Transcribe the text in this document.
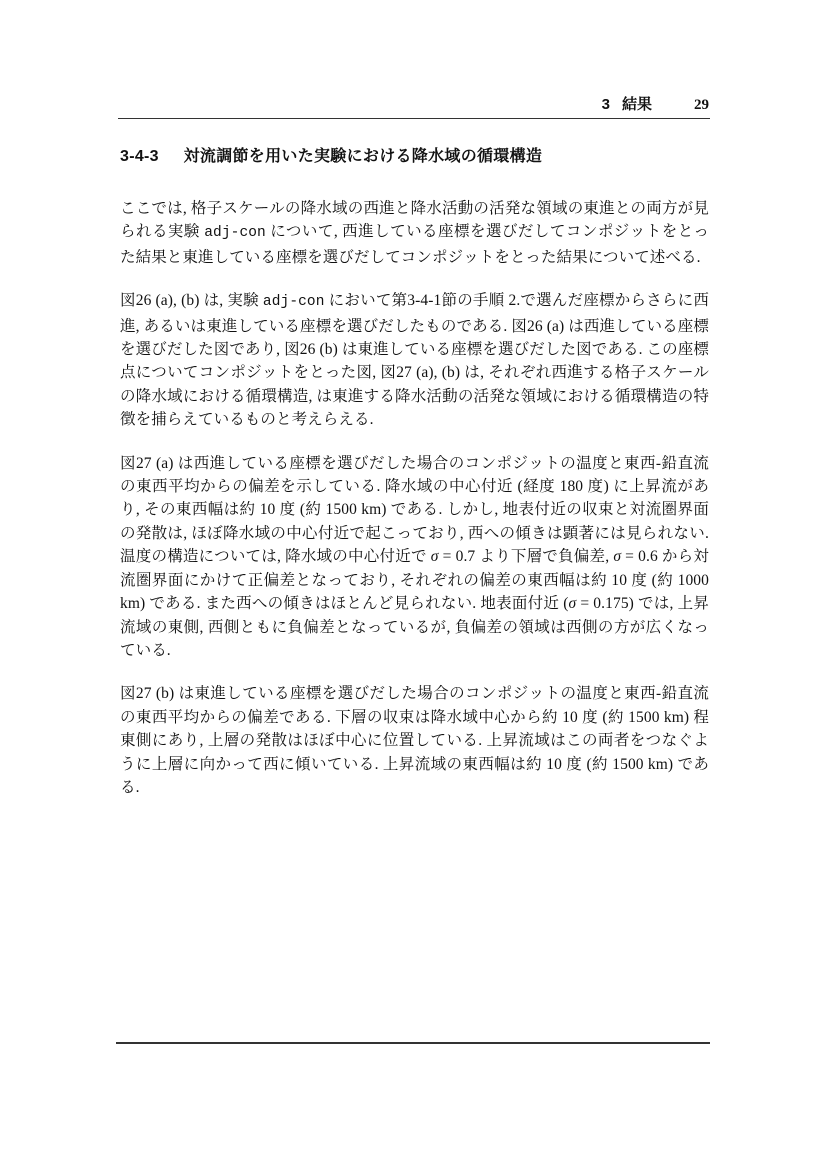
3 結果	29
3-4-3 対流調節を用いた実験における降水域の循環構造

ここでは, 格子スケールの降水域の西進と降水活動の活発な領域の東進との両方が見られる実験 adj-con について, 西進している座標を選びだしてコンポジットをとった結果と東進している座標を選びだしてコンポジットをとった結果について述べる.

図26 (a), (b) は, 実験 adj-con において第3-4-1節の手順 2.で選んだ座標からさらに西進, あるいは東進している座標を選びだしたものである. 図26 (a) は西進している座標を選びだした図であり, 図26 (b) は東進している座標を選びだした図である. この座標点についてコンポジットをとった図, 図27 (a), (b) は, それぞれ西進する格子スケールの降水域における循環構造, は東進する降水活動の活発な領域における循環構造の特徴を捕らえているものと考えらえる.

図27 (a) は西進している座標を選びだした場合のコンポジットの温度と東西-鉛直流の東西平均からの偏差を示している. 降水域の中心付近 (経度 180 度) に上昇流があり, その東西幅は約 10 度 (約 1500 km) である. しかし, 地表付近の収束と対流圏界面の発散は, ほぼ降水域の中心付近で起こっており, 西への傾きは顕著には見られない. 温度の構造については, 降水域の中心付近で σ = 0.7 より下層で負偏差, σ = 0.6 から対流圏界面にかけて正偏差となっており, それぞれの偏差の東西幅は約 10 度 (約 1000 km) である. また西への傾きはほとんど見られない. 地表面付近 (σ = 0.175) では, 上昇流域の東側, 西側ともに負偏差となっているが, 負偏差の領域は西側の方が広くなっている.

図27 (b) は東進している座標を選びだした場合のコンポジットの温度と東西-鉛直流の東西平均からの偏差である. 下層の収束は降水域中心から約 10 度 (約 1500 km) 程東側にあり, 上層の発散はほぼ中心に位置している. 上昇流域はこの両者をつなぐように上層に向かって西に傾いている. 上昇流域の東西幅は約 10 度 (約 1500 km) である.
